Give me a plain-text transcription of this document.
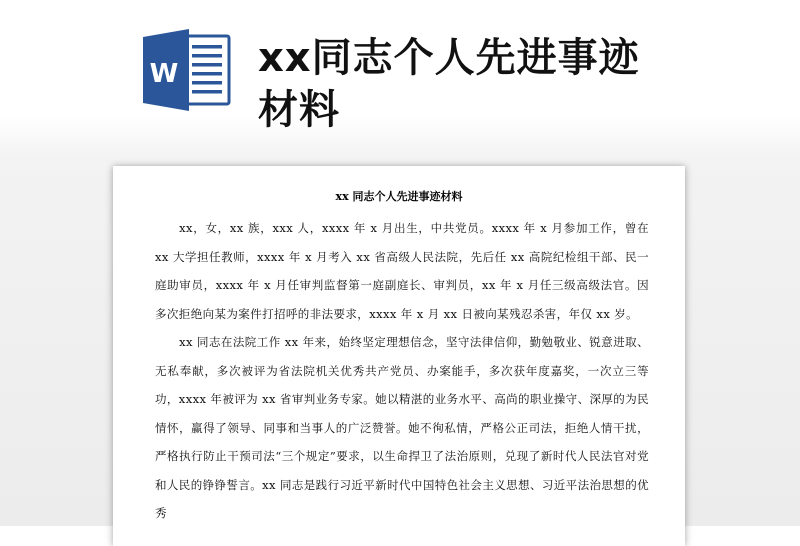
W xx同志个人先进事迹材料
xx 同志个人先进事迹材料

xx，女，xx 族，xxx 人，xxxx 年 x 月出生，中共党员。xxxx 年 x 月参加工作，曾在 xx 大学担任教师，xxxx 年 x 月考入 xx 省高级人民法院，先后任 xx 高院纪检组干部、民一庭助审员，xxxx 年 x 月任审判监督第一庭副庭长、审判员，xx 年 x 月任三级高级法官。因多次拒绝向某为案件打招呼的非法要求，xxxx 年 x 月 xx 日被向某残忍杀害，年仅 xx 岁。

xx 同志在法院工作 xx 年来，始终坚定理想信念，坚守法律信仰，勤勉敬业、锐意进取、无私奉献，多次被评为省法院机关优秀共产党员、办案能手，多次获年度嘉奖，一次立三等功，xxxx 年被评为 xx 省审判业务专家。她以精湛的业务水平、高尚的职业操守、深厚的为民情怀，赢得了领导、同事和当事人的广泛赞誉。她不徇私情，严格公正司法，拒绝人情干扰，严格执行防止干预司法“三个规定”要求，以生命捍卫了法治原则，兑现了新时代人民法官对党和人民的铮铮誓言。xx 同志是践行习近平新时代中国特色社会主义思想、习近平法治思想的优秀
